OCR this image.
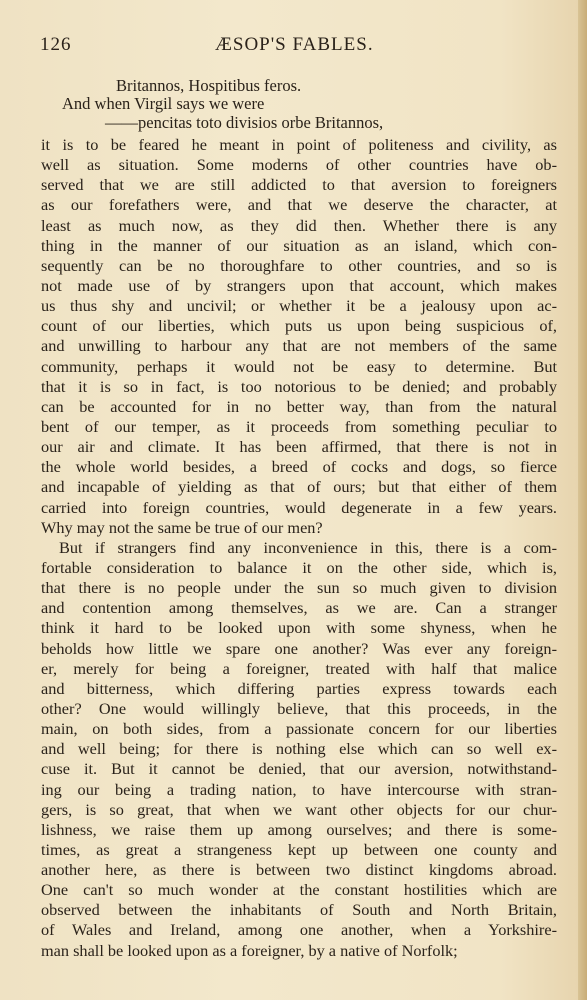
126	ÆSOP'S FABLES.
Britannos, Hospitibus feros.
And when Virgil says we were
——pencitas toto divisios orbe Britannos,
it is to be feared he meant in point of politeness and civility, as
well as situation. Some moderns of other countries have ob-
served that we are still addicted to that aversion to foreigners
as our forefathers were, and that we deserve the character, at
least as much now, as they did then. Whether there is any
thing in the manner of our situation as an island, which con-
sequently can be no thoroughfare to other countries, and so is
not made use of by strangers upon that account, which makes
us thus shy and uncivil; or whether it be a jealousy upon ac-
count of our liberties, which puts us upon being suspicious of,
and unwilling to harbour any that are not members of the same
community, perhaps it would not be easy to determine. But
that it is so in fact, is too notorious to be denied; and probably
can be accounted for in no better way, than from the natural
bent of our temper, as it proceeds from something peculiar to
our air and climate. It has been affirmed, that there is not in
the whole world besides, a breed of cocks and dogs, so fierce
and incapable of yielding as that of ours; but that either of them
carried into foreign countries, would degenerate in a few years.
Why may not the same be true of our men?
But if strangers find any inconvenience in this, there is a com-
fortable consideration to balance it on the other side, which is,
that there is no people under the sun so much given to division
and contention among themselves, as we are. Can a stranger
think it hard to be looked upon with some shyness, when he
beholds how little we spare one another? Was ever any foreign-
er, merely for being a foreigner, treated with half that malice
and bitterness, which differing parties express towards each
other? One would willingly believe, that this proceeds, in the
main, on both sides, from a passionate concern for our liberties
and well being; for there is nothing else which can so well ex-
cuse it. But it cannot be denied, that our aversion, notwithstand-
ing our being a trading nation, to have intercourse with stran-
gers, is so great, that when we want other objects for our chur-
lishness, we raise them up among ourselves; and there is some-
times, as great a strangeness kept up between one county and
another here, as there is between two distinct kingdoms abroad.
One can't so much wonder at the constant hostilities which are
observed between the inhabitants of South and North Britain,
of Wales and Ireland, among one another, when a Yorkshire-
man shall be looked upon as a foreigner, by a native of Norfolk;
